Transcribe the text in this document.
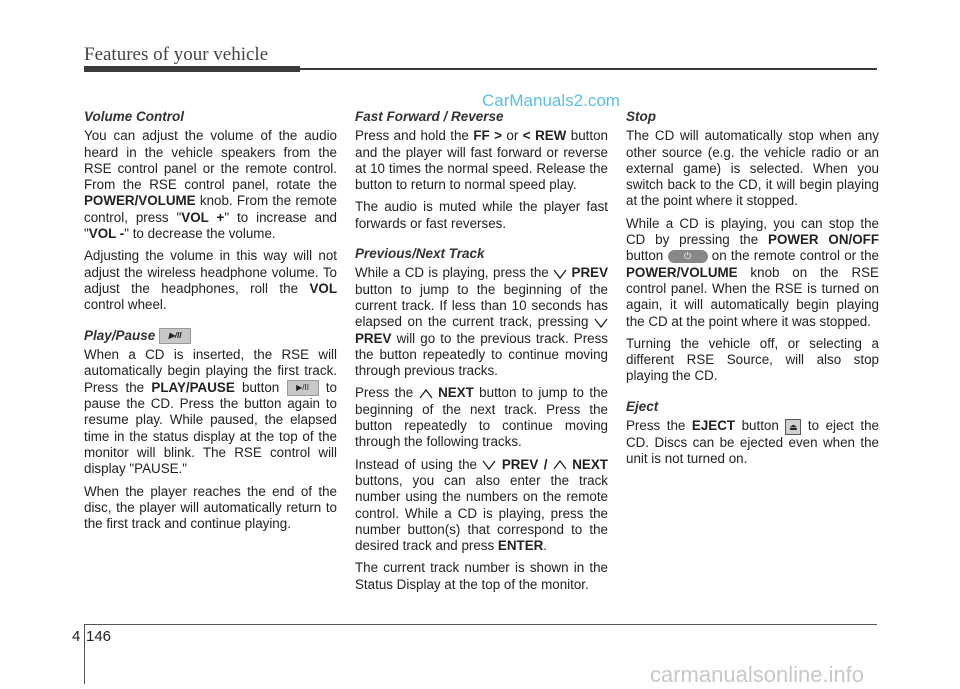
Features of your vehicle
CarManuals2.com
Volume Control

You can adjust the volume of the audio heard in the vehicle speakers from the RSE control panel or the remote control. From the RSE control panel, rotate the POWER/VOLUME knob. From the remote control, press "VOL +" to increase and "VOL -" to decrease the volume.

Adjusting the volume in this way will not adjust the wireless headphone volume. To adjust the headphones, roll the VOL control wheel.

Play/Pause ▶/II

When a CD is inserted, the RSE will automatically begin playing the first track. Press the PLAY/PAUSE button ▶/II to pause the CD. Press the button again to resume play. While paused, the elapsed time in the status display at the top of the monitor will blink. The RSE control will display "PAUSE."

When the player reaches the end of the disc, the player will automatically return to the first track and continue playing.

Fast Forward / Reverse

Press and hold the FF > or < REW button and the player will fast forward or reverse at 10 times the normal speed. Release the button to return to normal speed play.

The audio is muted while the player fast forwards or fast reverses.

Previous/Next Track

While a CD is playing, press the  PREV button to jump to the beginning of the current track. If less than 10 seconds has elapsed on the current track, pressing  PREV will go to the previous track. Press the button repeatedly to continue moving through previous tracks.

Press the  NEXT button to jump to the beginning of the next track. Press the button repeatedly to continue moving through the following tracks.

Instead of using the  PREV / NEXT buttons, you can also enter the track number using the numbers on the remote control. While a CD is playing, press the number button(s) that correspond to the desired track and press ENTER.

The current track number is shown in the Status Display at the top of the monitor.

Stop

The CD will automatically stop when any other source (e.g. the vehicle radio or an external game) is selected. When you switch back to the CD, it will begin playing at the point where it stopped.

While a CD is playing, you can stop the CD by pressing the POWER ON/OFF button ⏻ on the remote control or the POWER/VOLUME knob on the RSE control panel. When the RSE is turned on again, it will automatically begin playing the CD at the point where it was stopped.

Turning the vehicle off, or selecting a different RSE Source, will also stop playing the CD.

Eject

Press the EJECT button ⏏ to eject the CD. Discs can be ejected even when the unit is not turned on.

4 146
carmanualsonline.info
